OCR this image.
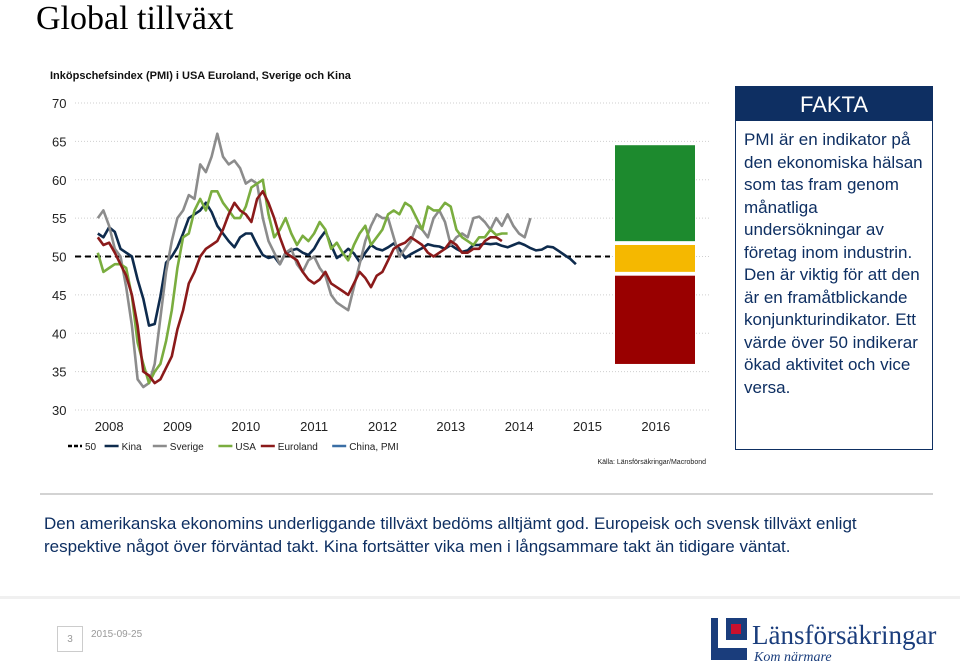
Global tillväxt
Inköpschefsindex (PMI) i USA Euroland, Sverige och Kina
30
35
40
45
50
55
60
65
70
2008	2009	2010	2011	2012	2013	2014	2015	2016
50	Kina	Sverige	USA Euroland	China, PMI
Källa: Länsförsäkringar/Macrobond
FAKTA
PMI är en indikator på den ekonomiska hälsan som tas fram genom månatliga undersökningar av företag inom industrin. Den är viktig för att den är en framåtblickande konjunkturindikator. Ett värde över 50 indikerar ökad aktivitet och vice versa.
Den amerikanska ekonomins underliggande tillväxt bedöms alltjämt god. Europeisk och svensk tillväxt enligt respektive något över förväntad takt. Kina fortsätter vika men i långsammare takt än tidigare väntat.
3	2015-09-25	Länsförsäkringar
Kom närmare
